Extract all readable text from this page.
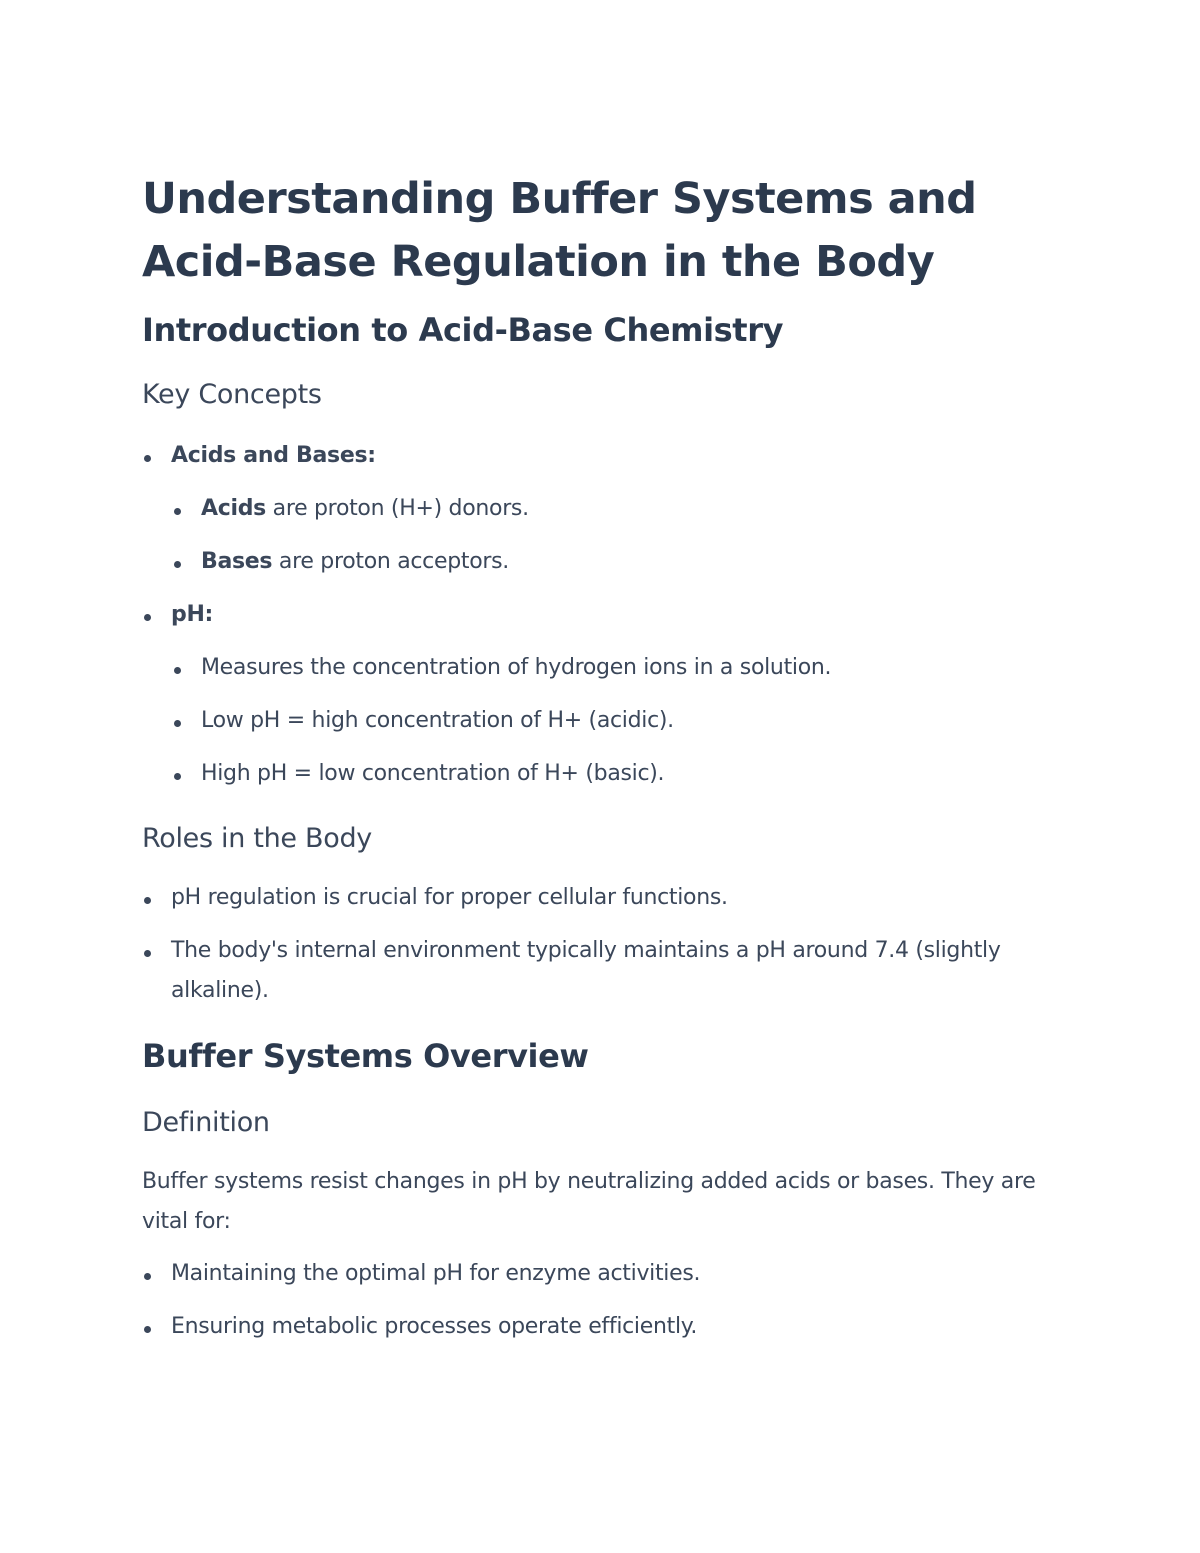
Understanding Buffer Systems and Acid-Base Regulation in the Body
Introduction to Acid-Base Chemistry
Key Concepts
Acids and Bases:
Acids are proton (H+) donors.
Bases are proton acceptors.
pH:
Measures the concentration of hydrogen ions in a solution.
Low pH = high concentration of H+ (acidic).
High pH = low concentration of H+ (basic).
Roles in the Body
pH regulation is crucial for proper cellular functions.
The body's internal environment typically maintains a pH around 7.4 (slightly alkaline).
Buffer Systems Overview
Definition

Buffer systems resist changes in pH by neutralizing added acids or bases. They are vital for:

Maintaining the optimal pH for enzyme activities.
Ensuring metabolic processes operate efficiently.
